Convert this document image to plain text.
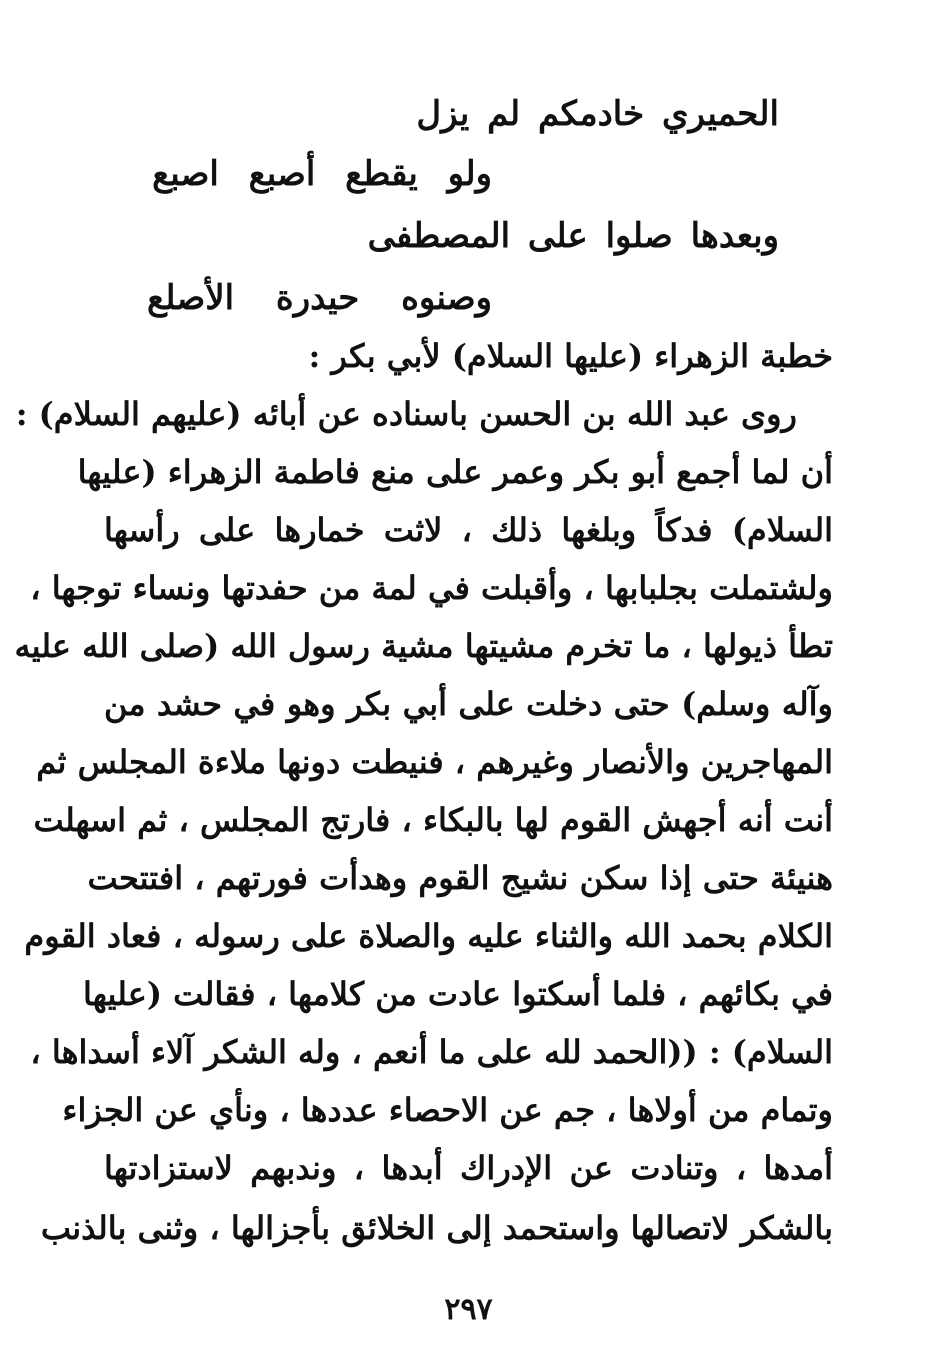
الحميري خادمكم لم يزل
ولو يقطع أصبع اصبع
وبعدها صلوا على المصطفى
وصنوه حيدرة الأصلع
خطبة الزهراء (عليها السلام) لأبي بكر :
روى عبد الله بن الحسن باسناده عن أبائه (عليهم السلام) :
أن لما أجمع أبو بكر وعمر على منع فاطمة الزهراء (عليها
السلام) فدكاً وبلغها ذلك ، لاثت خمارها على رأسها
ولشتملت بجلبابها ، وأقبلت في لمة من حفدتها ونساء توجها ،
تطأ ذيولها ، ما تخرم مشيتها مشية رسول الله (صلى الله عليه
وآله وسلم) حتى دخلت على أبي بكر وهو في حشد من
المهاجرين والأنصار وغيرهم ، فنيطت دونها ملاءة المجلس ثم
أنت أنه أجهش القوم لها بالبكاء ، فارتج المجلس ، ثم اسهلت
هنيئة حتى إذا سكن نشيج القوم وهدأت فورتهم ، افتتحت
الكلام بحمد الله والثناء عليه والصلاة على رسوله ، فعاد القوم
في بكائهم ، فلما أسكتوا عادت من كلامها ، فقالت (عليها
السلام) : ((الحمد لله على ما أنعم ، وله الشكر آلاء أسداها ،
وتمام من أولاها ، جم عن الاحصاء عددها ، ونأي عن الجزاء
أمدها ، وتنادت عن الإدراك أبدها ، وندبهم لاستزادتها
بالشكر لاتصالها واستحمد إلى الخلائق بأجزالها ، وثنى بالذنب
٢٩٧
